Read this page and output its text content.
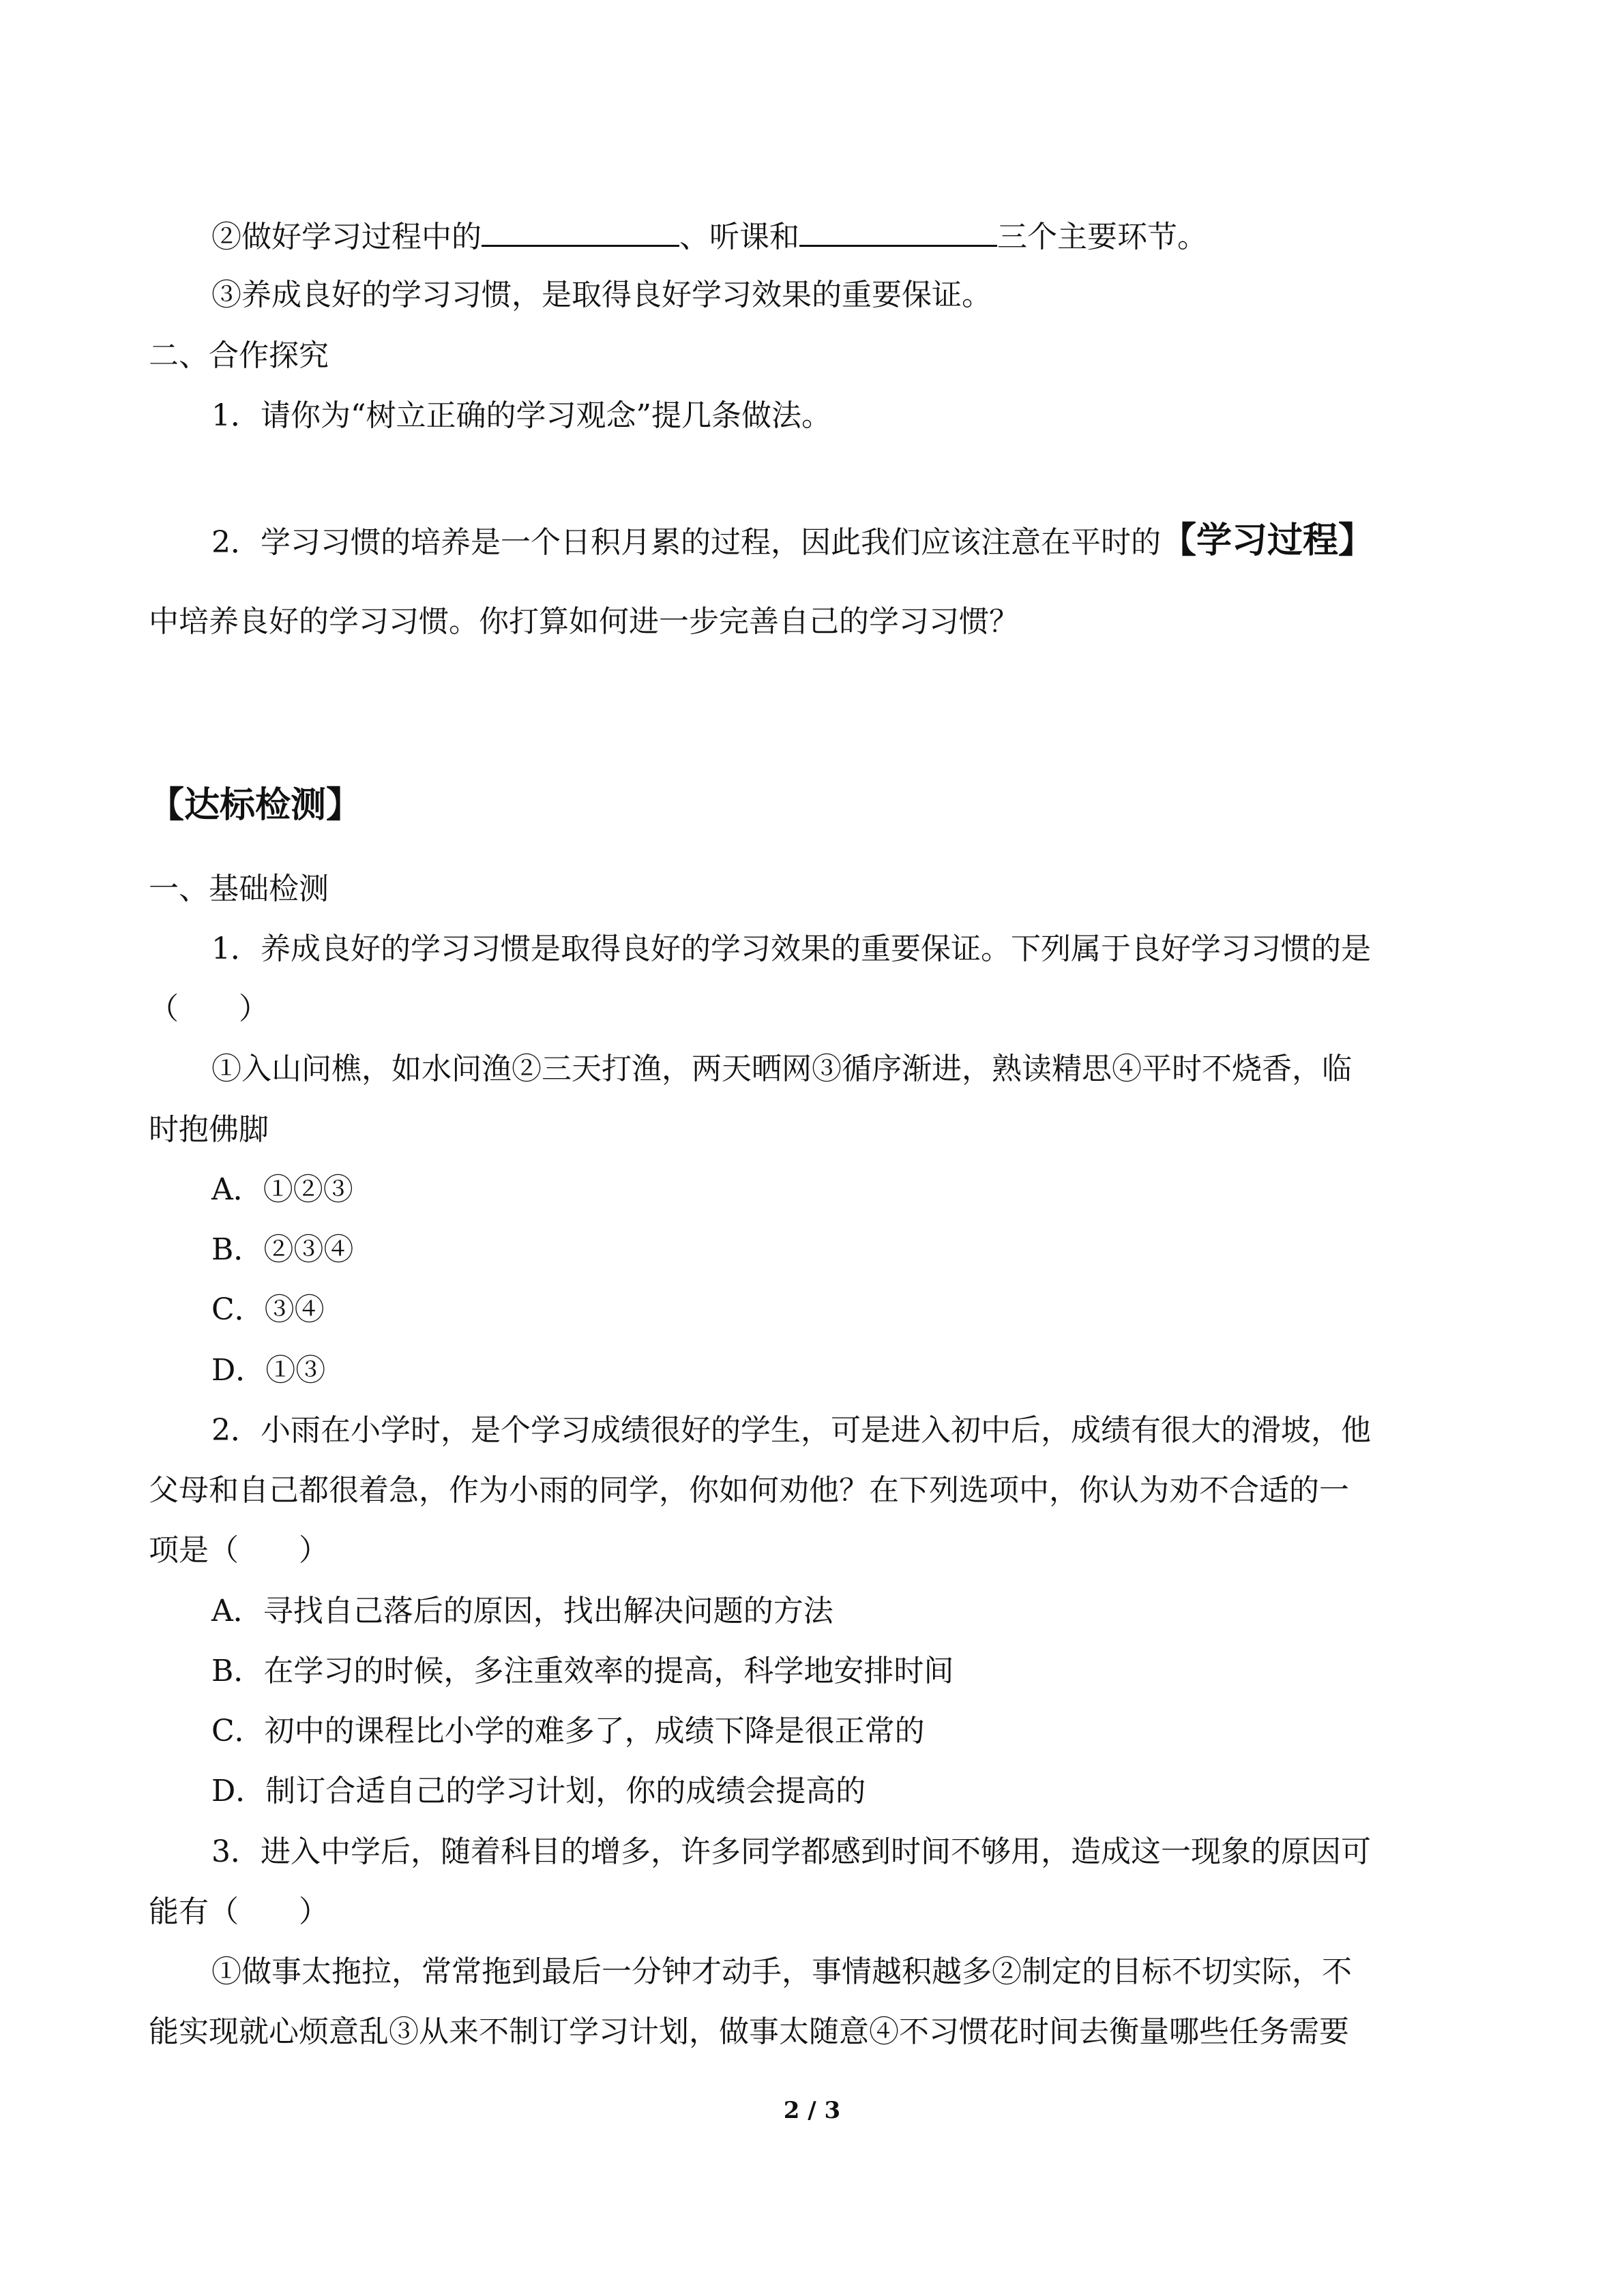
②做好学习过程中的	、听课和	三个主要环节。
③养成良好的学习习惯，是取得良好学习效果的重要保证。
二、合作探究
1．请你为“树立正确的学习观念”提几条做法。
2．学习习惯的培养是一个日积月累的过程，因此我们应该注意在平时的【学习过程】
中培养良好的学习习惯。你打算如何进一步完善自己的学习习惯？
【达标检测】
一、基础检测
1．养成良好的学习习惯是取得良好的学习效果的重要保证。下列属于良好学习习惯的是
（　　）
①入山问樵，如水问渔②三天打渔，两天晒网③循序渐进，熟读精思④平时不烧香，临
时抱佛脚
A．①②③
B．②③④
C．③④
D．①③
2．小雨在小学时，是个学习成绩很好的学生，可是进入初中后，成绩有很大的滑坡，他
父母和自己都很着急，作为小雨的同学，你如何劝他？在下列选项中，你认为劝不合适的一
项是（　　）
A．寻找自己落后的原因，找出解决问题的方法
B．在学习的时候，多注重效率的提高，科学地安排时间
C．初中的课程比小学的难多了，成绩下降是很正常的
D．制订合适自己的学习计划，你的成绩会提高的
3．进入中学后，随着科目的增多，许多同学都感到时间不够用，造成这一现象的原因可
能有（　　）
①做事太拖拉，常常拖到最后一分钟才动手，事情越积越多②制定的目标不切实际，不
能实现就心烦意乱③从来不制订学习计划，做事太随意④不习惯花时间去衡量哪些任务需要
2 / 3
